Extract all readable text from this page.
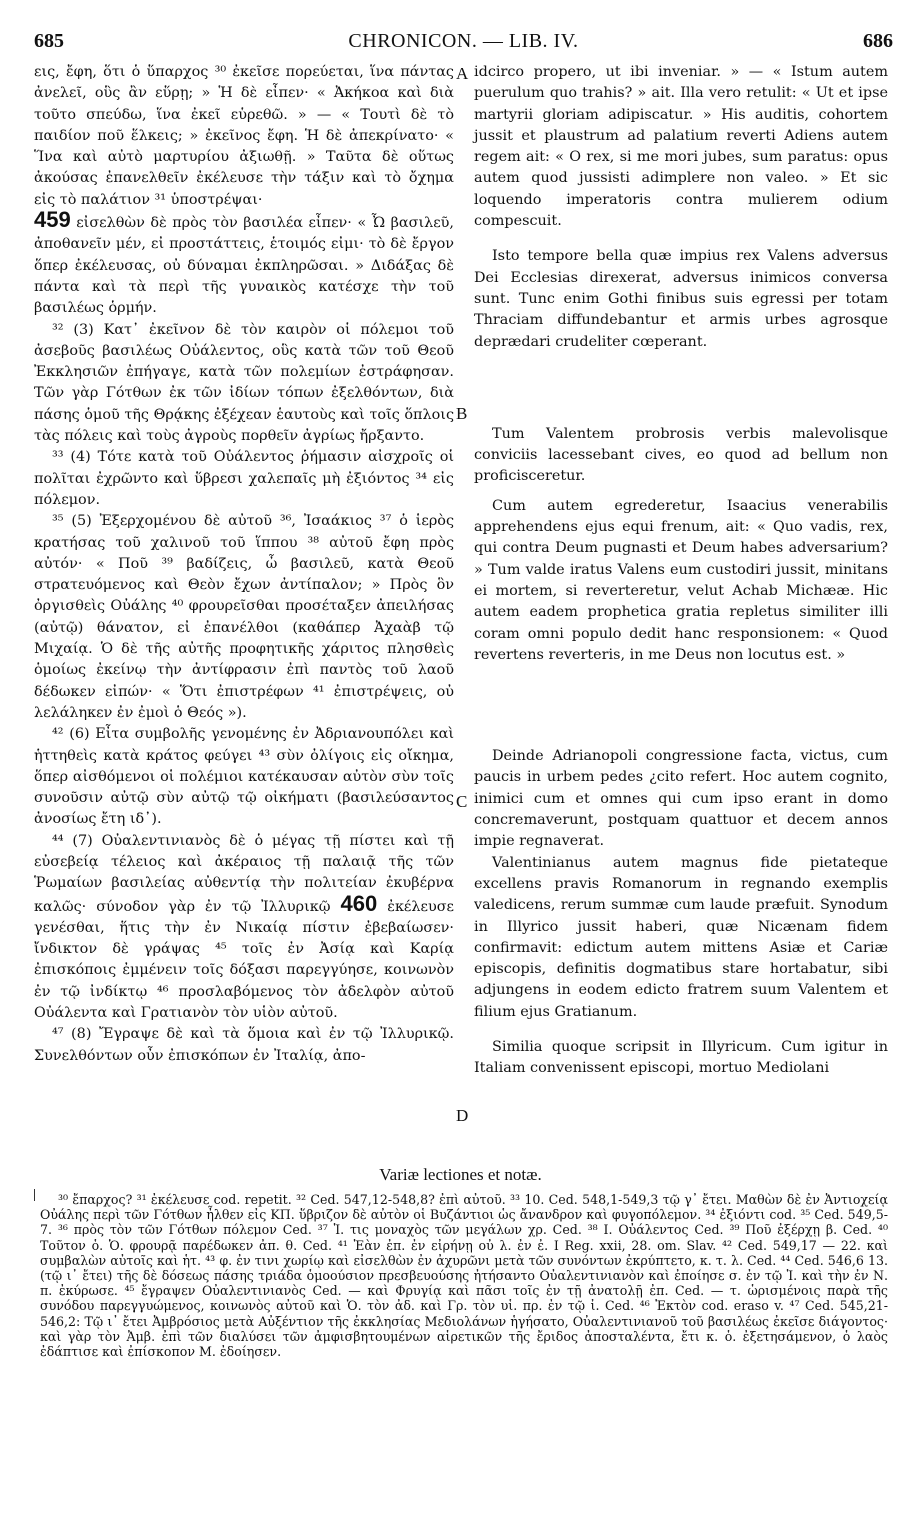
685	CHRONICON. — LIB. IV.	686
A
B
C
D

εις, ἔφη, ὅτι ὁ ὕπαρχος ³⁰ ἐκεῖσε πορεύεται, ἵνα πάντας ἀνελεῖ, οὓς ἂν εὕρῃ; » Ἡ δὲ εἶπεν· « Ἀκήκοα καὶ διὰ τοῦτο σπεύδω, ἵνα ἐκεῖ εὑρεθῶ. » — « Τουτὶ δὲ τὸ παιδίον ποῦ ἕλκεις; » ἐκεῖνος ἔφη. Ἡ δὲ ἀπεκρίνατο· « Ἵνα καὶ αὐτὸ μαρτυρίου ἀξιωθῇ. » Ταῦτα δὲ οὕτως ἀκούσας ἐπανελθεῖν ἐκέλευσε τὴν τάξιν καὶ τὸ ὄχημα εἰς τὸ παλάτιον ³¹ ὑποστρέψαι·

459 εἰσελθὼν δὲ πρὸς τὸν βασιλέα εἶπεν· « Ὦ βασιλεῦ, ἀποθανεῖν μέν, εἰ προστάττεις, ἑτοιμός εἰμι· τὸ δὲ ἔργον ὅπερ ἐκέλευσας, οὐ δύναμαι ἐκπληρῶσαι. » Διδάξας δὲ πάντα καὶ τὰ περὶ τῆς γυναικὸς κατέσχε τὴν τοῦ βασιλέως ὁρμήν.

³² (3) Κατ᾽ ἐκεῖνον δὲ τὸν καιρὸν οἱ πόλεμοι τοῦ ἀσεβοῦς βασιλέως Οὐάλεντος, οὓς κατὰ τῶν τοῦ Θεοῦ Ἐκκλησιῶν ἐπήγαγε, κατὰ τῶν πολεμίων ἐστράφησαν. Τῶν γὰρ Γότθων ἐκ τῶν ἰδίων τόπων ἐξελθόντων, διὰ πάσης ὁμοῦ τῆς Θρᾴκης ἐξέχεαν ἑαυτοὺς καὶ τοῖς ὅπλοις τὰς πόλεις καὶ τοὺς ἀγροὺς πορθεῖν ἀγρίως ἤρξαντο.

³³ (4) Τότε κατὰ τοῦ Οὐάλεντος ῥήμασιν αἰσχροῖς οἱ πολῖται ἐχρῶντο καὶ ὕβρεσι χαλεπαῖς μὴ ἐξιόντος ³⁴ εἰς πόλεμον.

³⁵ (5) Ἐξερχομένου δὲ αὐτοῦ ³⁶, Ἰσαάκιος ³⁷ ὁ ἱερὸς κρατήσας τοῦ χαλινοῦ τοῦ ἵππου ³⁸ αὐτοῦ ἔφη πρὸς αὐτόν· « Ποῦ ³⁹ βαδίζεις, ὦ βασιλεῦ, κατὰ Θεοῦ στρατευόμενος καὶ Θεὸν ἔχων ἀντίπαλον; » Πρὸς ὃν ὀργισθεὶς Οὐάλης ⁴⁰ φρουρεῖσθαι προσέταξεν ἀπειλήσας (αὐτῷ) θάνατον, εἰ ἐπανέλθοι (καθάπερ Ἀχαὰβ τῷ Μιχαίᾳ. Ὁ δὲ τῆς αὐτῆς προφητικῆς χάριτος πλησθεὶς ὁμοίως ἐκείνῳ τὴν ἀντίφρασιν ἐπὶ παντὸς τοῦ λαοῦ δέδωκεν εἰπών· « Ὅτι ἐπιστρέφων ⁴¹ ἐπιστρέψεις, οὐ λελάληκεν ἐν ἐμοὶ ὁ Θεός »).

⁴² (6) Εἶτα συμβολῆς γενομένης ἐν Ἀδριανουπόλει καὶ ἡττηθεὶς κατὰ κράτος φεύγει ⁴³ σὺν ὀλίγοις εἰς οἴκημα, ὅπερ αἰσθόμενοι οἱ πολέμιοι κατέκαυσαν αὐτὸν σὺν τοῖς συνοῦσιν αὐτῷ σὺν αὐτῷ τῷ οἰκήματι (βασιλεύσαντος ἀνοσίως ἔτη ιδ᾽).

⁴⁴ (7) Οὐαλεντινιανὸς δὲ ὁ μέγας τῇ πίστει καὶ τῇ εὐσεβείᾳ τέλειος καὶ ἀκέραιος τῇ παλαιᾷ τῆς τῶν Ῥωμαίων βασιλείας αὐθεντίᾳ τὴν πολιτείαν ἐκυβέρνα καλῶς· σύνοδον γὰρ ἐν τῷ Ἰλλυρικῷ 460 ἐκέλευσε γενέσθαι, ἥτις τὴν ἐν Νικαίᾳ πίστιν ἐβεβαίωσεν· ἴνδικτον δὲ γράψας ⁴⁵ τοῖς ἐν Ἀσίᾳ καὶ Καρίᾳ ἐπισκόποις ἐμμένειν τοῖς δόξασι παρεγγύησε, κοινωνὸν ἐν τῷ ἰνδίκτῳ ⁴⁶ προσλαβόμενος τὸν ἀδελφὸν αὐτοῦ Οὐάλεντα καὶ Γρατιανὸν τὸν υἱὸν αὐτοῦ.

⁴⁷ (8) Ἔγραψε δὲ καὶ τὰ ὅμοια καὶ ἐν τῷ Ἰλλυρικῷ. Συνελθόντων οὖν ἐπισκόπων ἐν Ἰταλίᾳ, ἀπο-

idcirco propero, ut ibi inveniar. » — « Istum autem puerulum quo trahis? » ait. Illa vero retulit: « Ut et ipse martyrii gloriam adipiscatur. » His auditis, cohortem jussit et plaustrum ad palatium reverti Adiens autem regem ait: « O rex, si me mori jubes, sum paratus: opus autem quod jussisti adimplere non valeo. » Et sic loquendo imperatoris contra mulierem odium compescuit.

Isto tempore bella quæ impius rex Valens adversus Dei Ecclesias direxerat, adversus inimicos conversa sunt. Tunc enim Gothi finibus suis egressi per totam Thraciam diffundebantur et armis urbes agrosque deprædari crudeliter cœperant.

Tum Valentem probrosis verbis malevolisque conviciis lacessebant cives, eo quod ad bellum non proficisceretur.

Cum autem egrederetur, Isaacius venerabilis apprehendens ejus equi frenum, ait: « Quo vadis, rex, qui contra Deum pugnasti et Deum habes adversarium? » Tum valde iratus Valens eum custodiri jussit, minitans ei mortem, si reverteretur, velut Achab Michææ. Hic autem eadem prophetica gratia repletus similiter illi coram omni populo dedit hanc responsionem: « Quod revertens reverteris, in me Deus non locutus est. »

Deinde Adrianopoli congressione facta, victus, cum paucis in urbem pedes ¿cito refert. Hoc autem cognito, inimici cum et omnes qui cum ipso erant in domo concremaverunt, postquam quattuor et decem annos impie regnaverat.

Valentinianus autem magnus fide pietateque excellens pravis Romanorum in regnando exemplis valedicens, rerum summæ cum laude præfuit. Synodum in Illyrico jussit haberi, quæ Nicænam fidem confirmavit: edictum autem mittens Asiæ et Cariæ episcopis, definitis dogmatibus stare hortabatur, sibi adjungens in eodem edicto fratrem suum Valentem et filium ejus Gratianum.

Similia quoque scripsit in Illyricum. Cum igitur in Italiam convenissent episcopi, mortuo Mediolani

Variæ lectiones et notæ.

³⁰ ἔπαρχος? ³¹ ἐκέλευσε cod. repetit. ³² Ced. 547,12-548,8? ἐπὶ αὐτοῦ. ³³ 10. Ced. 548,1-549,3 τῷ γ᾽ ἔτει. Μαθὼν δὲ ἐν Ἀντιοχείᾳ Οὐάλης περὶ τῶν Γότθων ἦλθεν εἰς ΚΠ. ὕβριζον δὲ αὐτὸν οἱ Βυζάντιοι ὡς ἄνανδρον καὶ φυγοπόλεμον. ³⁴ ἐξιόντι cod. ³⁵ Ced. 549,5-7. ³⁶ πρὸς τὸν τῶν Γότθων πόλεμον Ced. ³⁷ Ἰ. τις μοναχὸς τῶν μεγάλων χρ. Ced. ³⁸ I. Οὐάλεντος Ced. ³⁹ Ποῦ ἐξέρχῃ β. Ced. ⁴⁰ Τοῦτον ὁ. Ὁ. φρουρᾷ παρέδωκεν ἀπ. θ. Ced. ⁴¹ Ἐὰν ἐπ. ἐν εἰρήνῃ οὐ λ. ἐν ἐ. I Reg. xxii, 28. om. Slav. ⁴² Ced. 549,17 — 22. καὶ συμβαλὼν αὐτοῖς καὶ ἡτ. ⁴³ φ. ἐν τινι χωρίῳ καὶ εἰσελθὼν ἐν ἀχυρῶνι μετὰ τῶν συνόντων ἐκρύπτετο, κ. τ. λ. Ced. ⁴⁴ Ced. 546,6 13. (τῷ ι᾽ ἔτει) τῆς δὲ δόσεως πάσης τριάδα ὁμοούσιον πρεσβευούσης ἠτήσαντο Οὐαλεντινιανὸν καὶ ἐποίησε σ. ἐν τῷ Ἰ. καὶ τὴν ἐν Ν. π. ἐκύρωσε. ⁴⁵ ἔγραψεν Οὐαλεντινιανὸς Ced. — καὶ Φρυγίᾳ καὶ πᾶσι τοῖς ἐν τῇ ἀνατολῇ ἐπ. Ced. — τ. ὡρισμένοις παρὰ τῆς συνόδου παρεγγυώμενος, κοινωνὸς αὐτοῦ καὶ Ὁ. τὸν ἀδ. καὶ Γρ. τὸν υἱ. πρ. ἐν τῷ ἰ. Ced. ⁴⁶ Ἐκτὸν cod. eraso v. ⁴⁷ Ced. 545,21-546,2: Τῷ ι᾽ ἔτει Ἀμβρόσιος μετὰ Αὐξέντιον τῆς ἐκκλησίας Μεδιολάνων ἡγήσατο, Οὐαλεντινιανοῦ τοῦ βασιλέως ἐκεῖσε διάγοντος· καὶ γὰρ τὸν Ἀμβ. ἐπὶ τῶν διαλύσει τῶν ἀμφισβητουμένων αἱρετικῶν τῆς ἔριδος ἀποσταλέντα, ἔτι κ. ὁ. ἐξετησάμενον, ὁ λαὸς ἐδάπτισε καὶ ἐπίσκοπον M. ἐδοίησεν.
